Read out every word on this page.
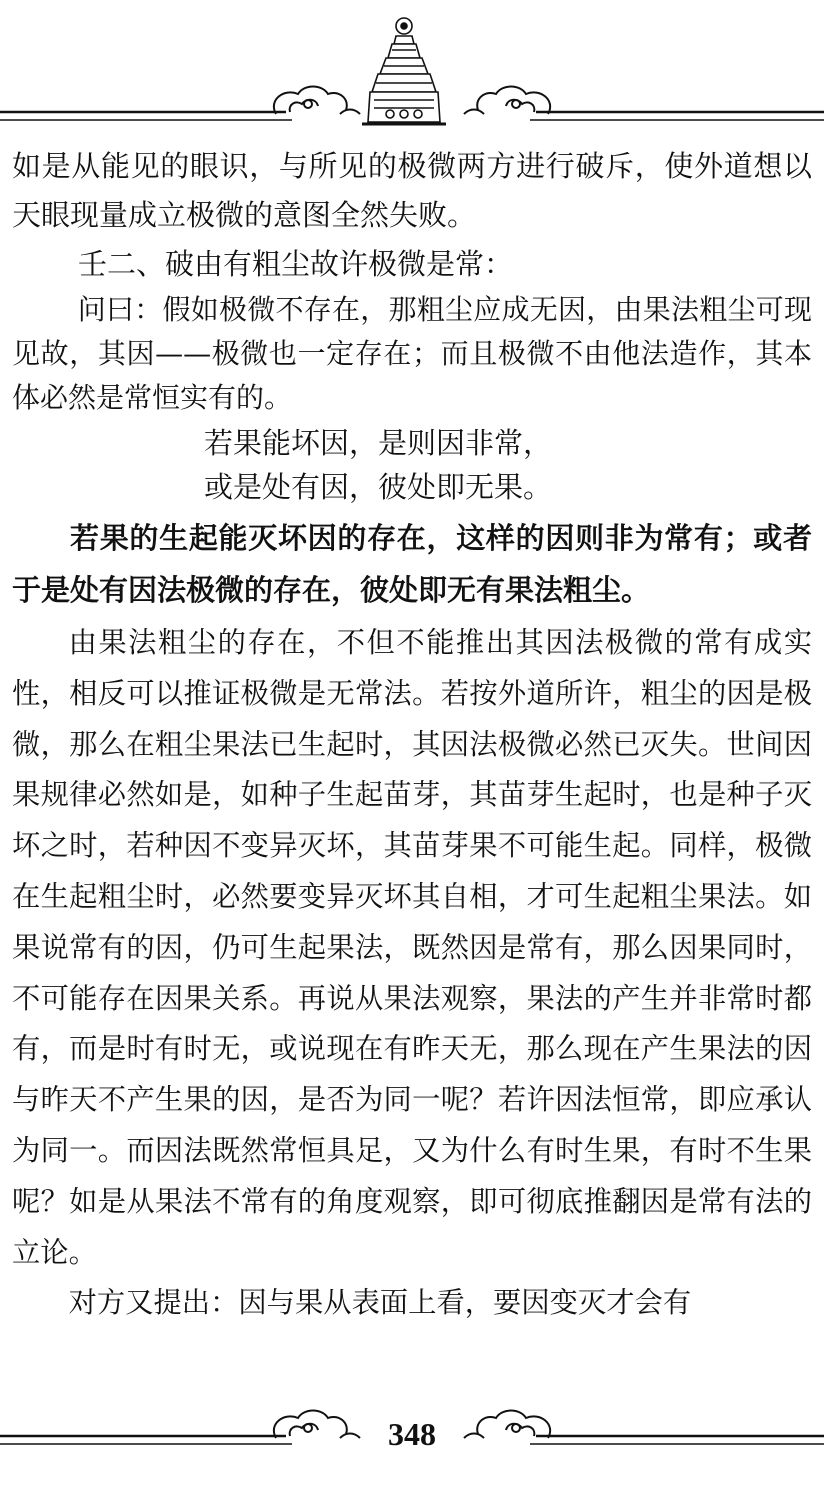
如是从能见的眼识，与所见的极微两方进行破斥，使外道想以天眼现量成立极微的意图全然失败。

壬二、破由有粗尘故许极微是常：

问曰：假如极微不存在，那粗尘应成无因，由果法粗尘可现见故，其因——极微也一定存在；而且极微不由他法造作，其本体必然是常恒实有的。

若果能坏因，是则因非常，

或是处有因，彼处即无果。

若果的生起能灭坏因的存在，这样的因则非为常有；或者于是处有因法极微的存在，彼处即无有果法粗尘。

由果法粗尘的存在，不但不能推出其因法极微的常有成实性，相反可以推证极微是无常法。若按外道所许，粗尘的因是极微，那么在粗尘果法已生起时，其因法极微必然已灭失。世间因果规律必然如是，如种子生起苗芽，其苗芽生起时，也是种子灭坏之时，若种因不变异灭坏，其苗芽果不可能生起。同样，极微在生起粗尘时，必然要变异灭坏其自相，才可生起粗尘果法。如果说常有的因，仍可生起果法，既然因是常有，那么因果同时，不可能存在因果关系。再说从果法观察，果法的产生并非常时都有，而是时有时无，或说现在有昨天无，那么现在产生果法的因与昨天不产生果的因，是否为同一呢？若许因法恒常，即应承认为同一。而因法既然常恒具足，又为什么有时生果，有时不生果呢？如是从果法不常有的角度观察，即可彻底推翻因是常有法的立论。

对方又提出：因与果从表面上看，要因变灭才会有

348
